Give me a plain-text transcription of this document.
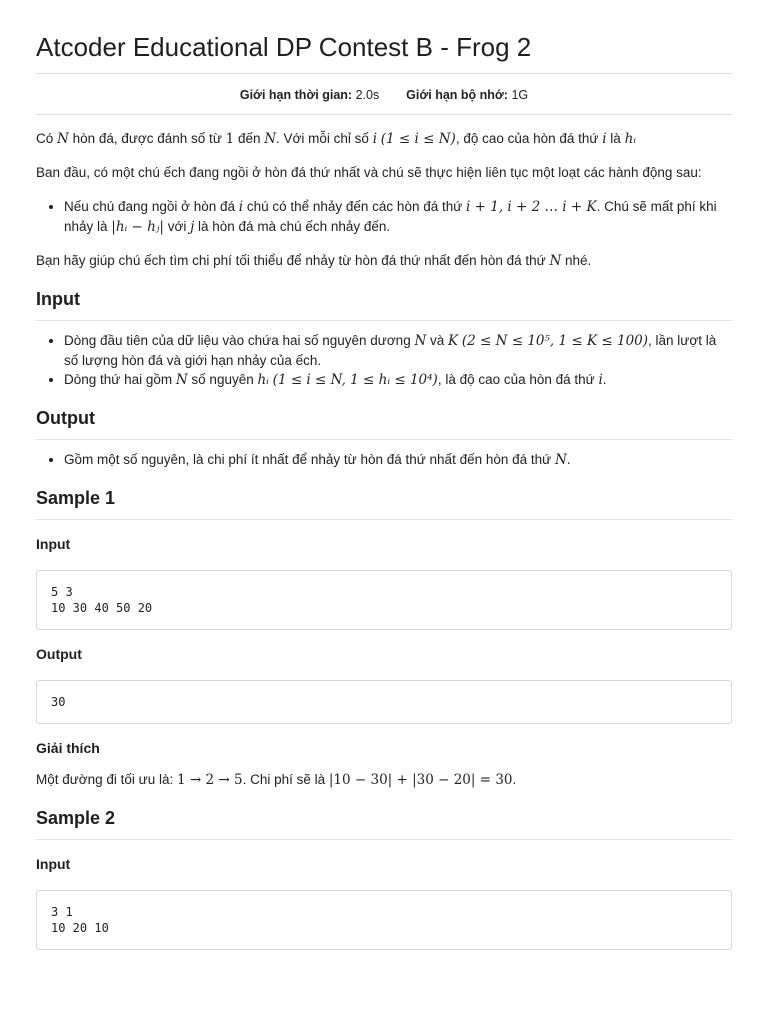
Atcoder Educational DP Contest B - Frog 2
Giới hạn thời gian: 2.0s Giới hạn bộ nhớ: 1G

Có N hòn đá, được đánh số từ 1 đến N. Với mỗi chỉ số i (1 ≤ i ≤ N), độ cao của hòn đá thứ i là hᵢ

Ban đầu, có một chú ếch đang ngồi ở hòn đá thứ nhất và chú sẽ thực hiện liên tục một loạt các hành động sau:

• Nếu chú đang ngồi ở hòn đá i chú có thể nhảy đến các hòn đá thứ i + 1, i + 2 … i + K. Chú sẽ mất phí khi nhảy là |hᵢ − hⱼ| với j là hòn đá mà chú ếch nhảy đến.

Bạn hãy giúp chú ếch tìm chi phí tối thiểu để nhảy từ hòn đá thứ nhất đến hòn đá thứ N nhé.

Input
• Dòng đầu tiên của dữ liệu vào chứa hai số nguyên dương N và K (2 ≤ N ≤ 10⁵, 1 ≤ K ≤ 100), lần lượt là số lượng hòn đá và giới hạn nhảy của ếch.
• Dòng thứ hai gồm N số nguyên hᵢ (1 ≤ i ≤ N, 1 ≤ hᵢ ≤ 10⁴), là độ cao của hòn đá thứ i.
Output
• Gồm một số nguyên, là chi phí ít nhất để nhảy từ hòn đá thứ nhất đến hòn đá thứ N.
Sample 1
Input
5 3
10 30 40 50 20
Output
30
Giải thích

Một đường đi tối ưu là: 1 → 2 → 5. Chi phí sẽ là |10 − 30| + |30 − 20| = 30.

Sample 2
Input
3 1
10 20 10
